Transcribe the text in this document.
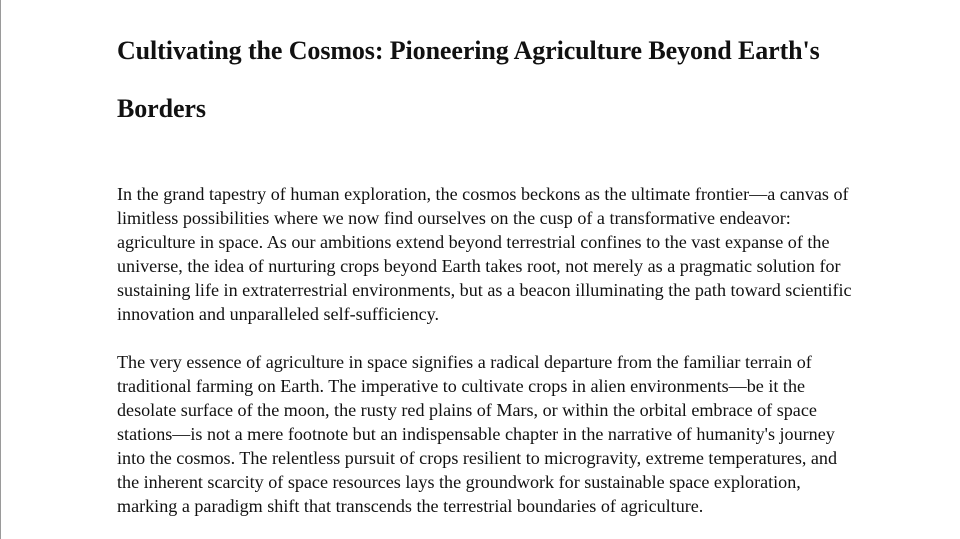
Cultivating the Cosmos: Pioneering Agriculture Beyond Earth's Borders

In the grand tapestry of human exploration, the cosmos beckons as the ultimate frontier—a canvas of limitless possibilities where we now find ourselves on the cusp of a transformative endeavor: agriculture in space. As our ambitions extend beyond terrestrial confines to the vast expanse of the universe, the idea of nurturing crops beyond Earth takes root, not merely as a pragmatic solution for sustaining life in extraterrestrial environments, but as a beacon illuminating the path toward scientific innovation and unparalleled self-sufficiency.

The very essence of agriculture in space signifies a radical departure from the familiar terrain of traditional farming on Earth. The imperative to cultivate crops in alien environments—be it the desolate surface of the moon, the rusty red plains of Mars, or within the orbital embrace of space stations—is not a mere footnote but an indispensable chapter in the narrative of humanity's journey into the cosmos. The relentless pursuit of crops resilient to microgravity, extreme temperatures, and the inherent scarcity of space resources lays the groundwork for sustainable space exploration, marking a paradigm shift that transcends the terrestrial boundaries of agriculture.
